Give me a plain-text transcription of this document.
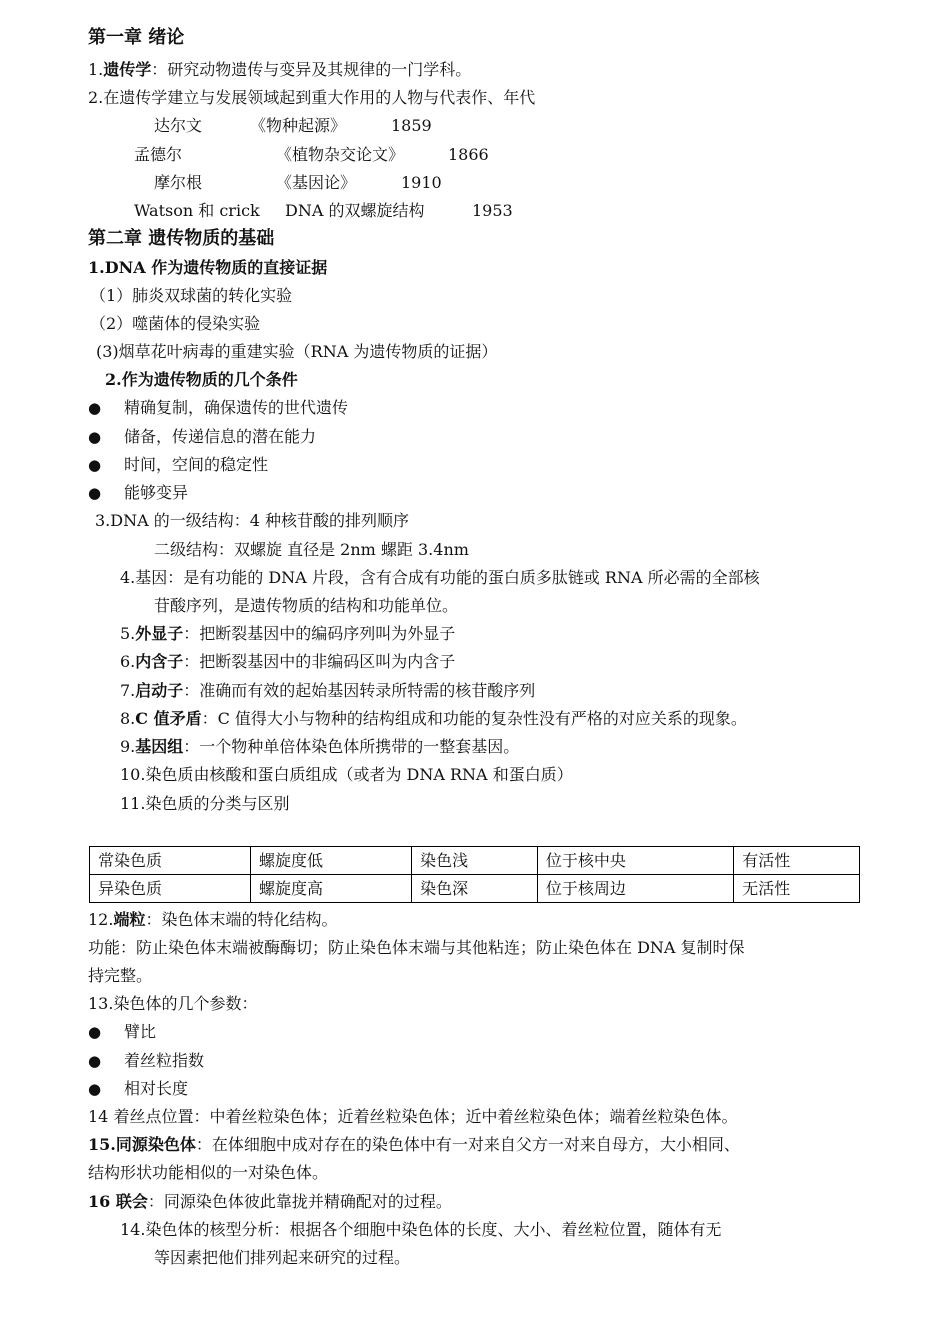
第一章 绪论
1.遗传学：研究动物遗传与变异及其规律的一门学科。
2.在遗传学建立与发展领域起到重大作用的人物与代表作、年代
达尔文	《物种起源》	1859
孟德尔	《植物杂交论文》	1866
摩尔根	《基因论》	1910
Watson 和 crick DNA 的双螺旋结构	1953
第二章 遗传物质的基础
1.DNA 作为遗传物质的直接证据
（1）肺炎双球菌的转化实验
（2）噬菌体的侵染实验
(3)烟草花叶病毒的重建实验（RNA 为遗传物质的证据）
2.作为遗传物质的几个条件
● 精确复制，确保遗传的世代遗传
● 储备，传递信息的潜在能力
● 时间，空间的稳定性
● 能够变异
3.DNA 的一级结构：4 种核苷酸的排列顺序
二级结构：双螺旋 直径是 2nm 螺距 3.4nm
4.基因：是有功能的 DNA 片段，含有合成有功能的蛋白质多肽链或 RNA 所必需的全部核
苷酸序列，是遗传物质的结构和功能单位。
5.外显子：把断裂基因中的编码序列叫为外显子
6.内含子：把断裂基因中的非编码区叫为内含子
7.启动子：准确而有效的起始基因转录所特需的核苷酸序列
8.C 值矛盾：C 值得大小与物种的结构组成和功能的复杂性没有严格的对应关系的现象。
9.基因组：一个物种单倍体染色体所携带的一整套基因。
10.染色质由核酸和蛋白质组成（或者为 DNA RNA 和蛋白质）
11.染色质的分类与区别
常染色质	螺旋度低	染色浅	位于核中央	有活性
异染色质	螺旋度高	染色深	位于核周边	无活性
12.端粒：染色体末端的特化结构。
功能：防止染色体末端被酶酶切；防止染色体末端与其他粘连；防止染色体在 DNA 复制时保
持完整。
13.染色体的几个参数：
● 臂比
● 着丝粒指数
● 相对长度
14 着丝点位置：中着丝粒染色体；近着丝粒染色体；近中着丝粒染色体；端着丝粒染色体。
15.同源染色体：在体细胞中成对存在的染色体中有一对来自父方一对来自母方，大小相同、
结构形状功能相似的一对染色体。
16 联会：同源染色体彼此靠拢并精确配对的过程。
14.染色体的核型分析：根据各个细胞中染色体的长度、大小、着丝粒位置，随体有无
等因素把他们排列起来研究的过程。
